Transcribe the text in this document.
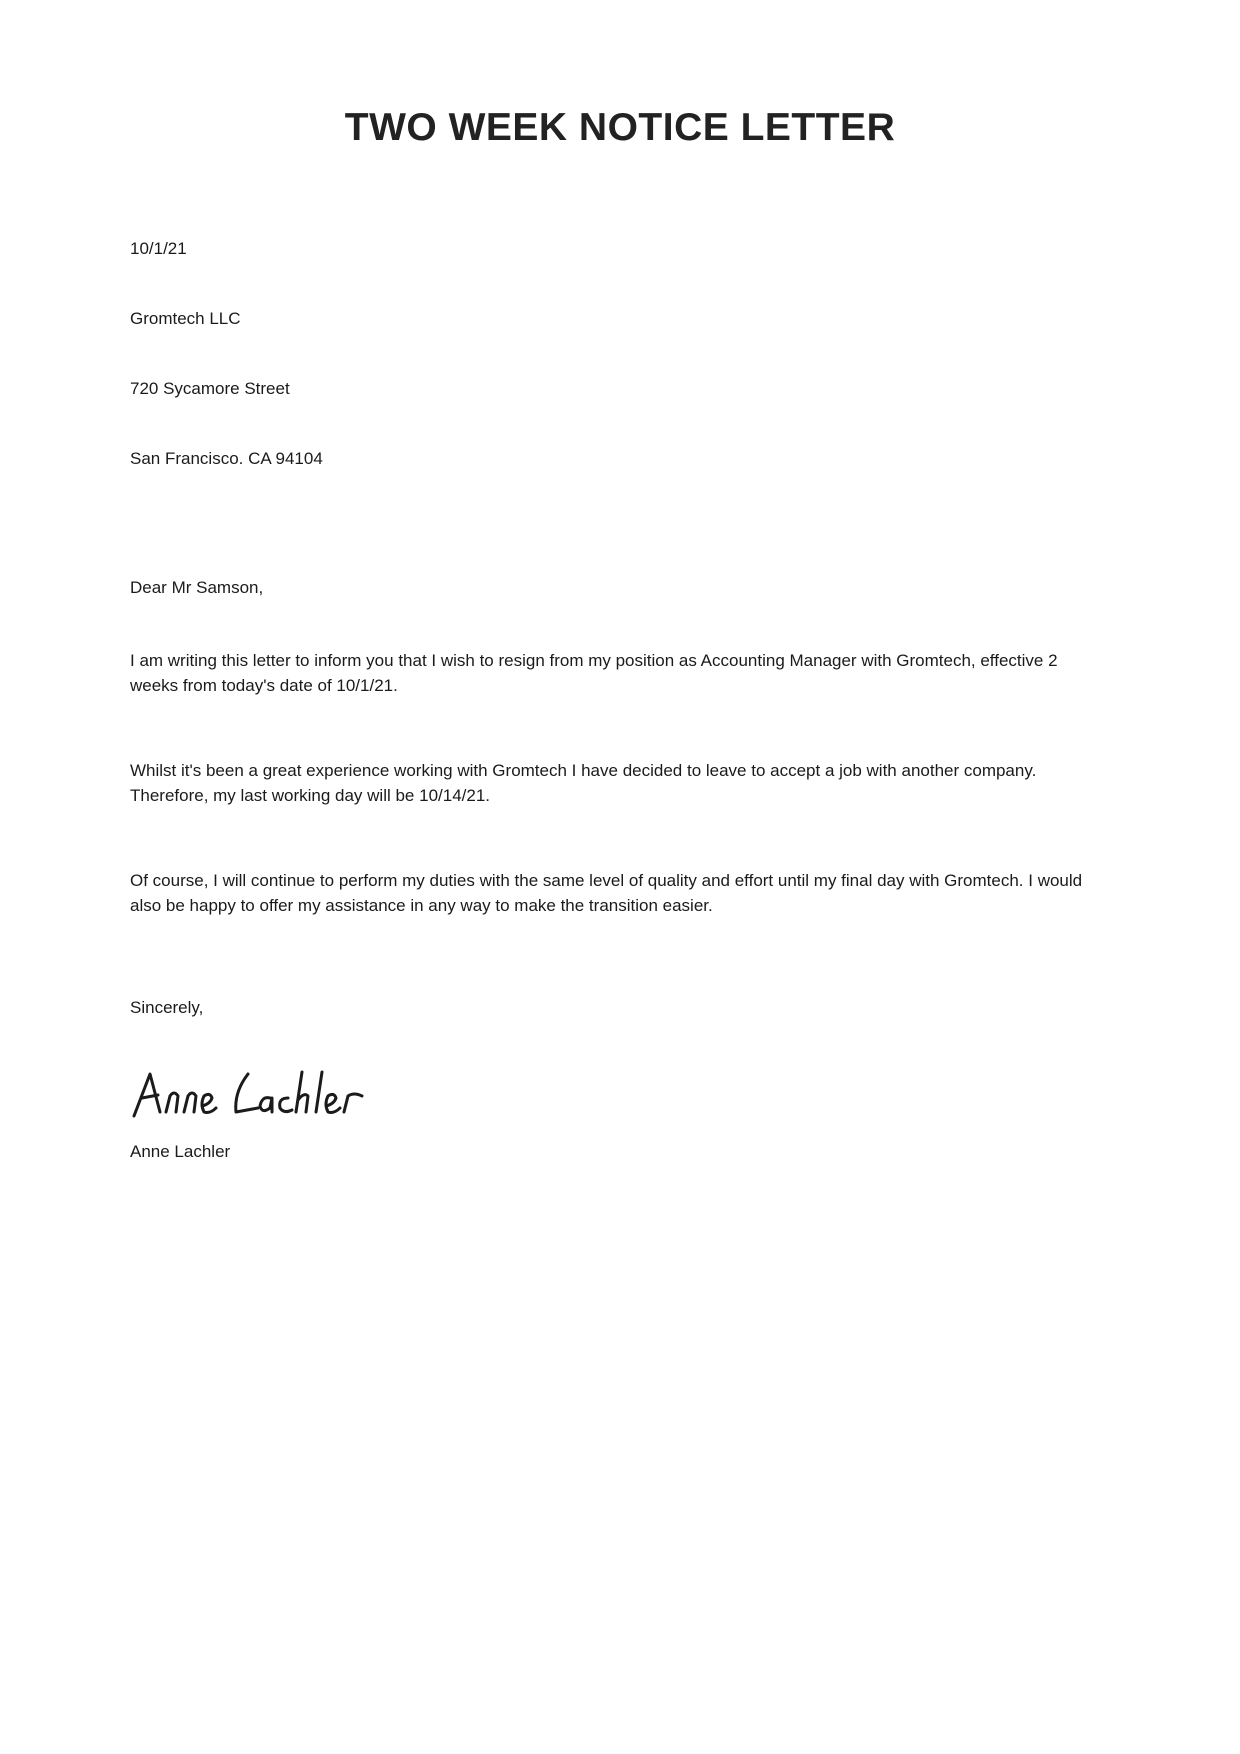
TWO WEEK NOTICE LETTER

10/1/21

Gromtech LLC

720 Sycamore Street

San Francisco. CA 94104

Dear Mr Samson,

I am writing this letter to inform you that I wish to resign from my position as Accounting Manager with Gromtech, effective 2 weeks from today's date of 10/1/21.

Whilst it's been a great experience working with Gromtech I have decided to leave to accept a job with another company. Therefore, my last working day will be 10/14/21.

Of course, I will continue to perform my duties with the same level of quality and effort until my final day with Gromtech. I would also be happy to offer my assistance in any way to make the transition easier.

Sincerely,

Anne Lachler
